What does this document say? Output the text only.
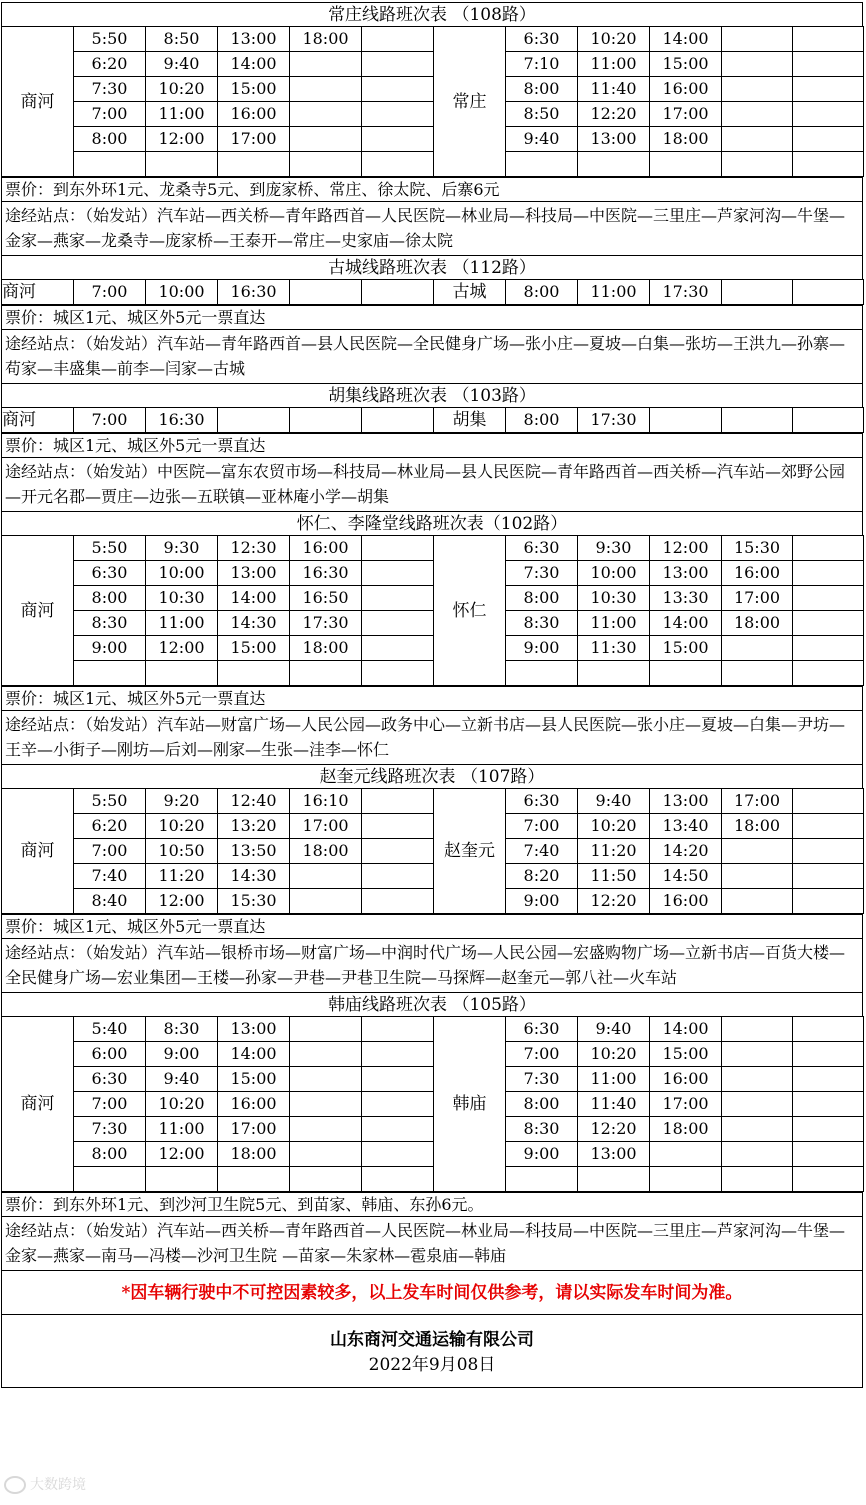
常庄线路班次表 （108路）
商河	5:50	8:50	13:00	18:00		常庄	6:30	10:20	14:00		
	6:20	9:40	14:00				7:10	11:00	15:00		
	7:30	10:20	15:00				8:00	11:40	16:00		
	7:00	11:00	16:00				8:50	12:20	17:00		
	8:00	12:00	17:00				9:40	13:00	18:00		

票价：到东外环1元、龙桑寺5元、到庞家桥、常庄、徐太院、后寨6元
途经站点：（始发站）汽车站—西关桥—青年路西首—人民医院—林业局—科技局—中医院—三里庄—芦家河沟—牛堡—金家—燕家—龙桑寺—庞家桥—王泰开—常庄—史家庙—徐太院
古城线路班次表 （112路）
商河	7:00	10:00	16:30			古城	8:00	11:00	17:30		
票价：城区1元、城区外5元一票直达
途经站点：（始发站）汽车站—青年路西首—县人民医院—全民健身广场—张小庄—夏坡—白集—张坊—王洪九—孙寨—苟家—丰盛集—前李—闫家—古城
胡集线路班次表 （103路）
商河	7:00	16:30				胡集	8:00	17:30			
票价：城区1元、城区外5元一票直达
途经站点：（始发站）中医院—富东农贸市场—科技局—林业局—县人民医院—青年路西首—西关桥—汽车站—郊野公园—开元名郡—贾庄—边张—五联镇—亚林庵小学—胡集
怀仁、李隆堂线路班次表（102路）
商河	5:50	9:30	12:30	16:00		怀仁	6:30	9:30	12:00	15:30	
	6:30	10:00	13:00	16:30			7:30	10:00	13:00	16:00	
	8:00	10:30	14:00	16:50			8:00	10:30	13:30	17:00	
	8:30	11:00	14:30	17:30			8:30	11:00	14:00	18:00	
	9:00	12:00	15:00	18:00			9:00	11:30	15:00		

票价：城区1元、城区外5元一票直达
途经站点：（始发站）汽车站—财富广场—人民公园—政务中心—立新书店—县人民医院—张小庄—夏坡—白集—尹坊—王辛—小街子—刚坊—后刘—刚家—生张—洼李—怀仁
赵奎元线路班次表 （107路）
商河	5:50	9:20	12:40	16:10		赵奎元	6:30	9:40	13:00	17:00	
	6:20	10:20	13:20	17:00			7:00	10:20	13:40	18:00	
	7:00	10:50	13:50	18:00			7:40	11:20	14:20		
	7:40	11:20	14:30				8:20	11:50	14:50		
	8:40	12:00	15:30				9:00	12:20	16:00		
票价：城区1元、城区外5元一票直达
途经站点：（始发站）汽车站—银桥市场—财富广场—中润时代广场—人民公园—宏盛购物广场—立新书店—百货大楼—全民健身广场—宏业集团—王楼—孙家—尹巷—尹巷卫生院—马探辉—赵奎元—郭八社—火车站
韩庙线路班次表 （105路）
商河	5:40	8:30	13:00			韩庙	6:30	9:40	14:00		
	6:00	9:00	14:00				7:00	10:20	15:00		
	6:30	9:40	15:00				7:30	11:00	16:00		
	7:00	10:20	16:00				8:00	11:40	17:00		
	7:30	11:00	17:00				8:30	12:20	18:00		
	8:00	12:00	18:00				9:00	13:00			

票价：到东外环1元、到沙河卫生院5元、到苗家、韩庙、东孙6元。
途经站点：（始发站）汽车站—西关桥—青年路西首—人民医院—林业局—科技局—中医院—三里庄—芦家河沟—牛堡—金家—燕家—南马—冯楼—沙河卫生院 —苗家—朱家林—雹泉庙—韩庙
*因车辆行驶中不可控因素较多，以上发车时间仅供参考，请以实际发车时间为准。
山东商河交通运输有限公司
2022年9月08日
大数跨境
